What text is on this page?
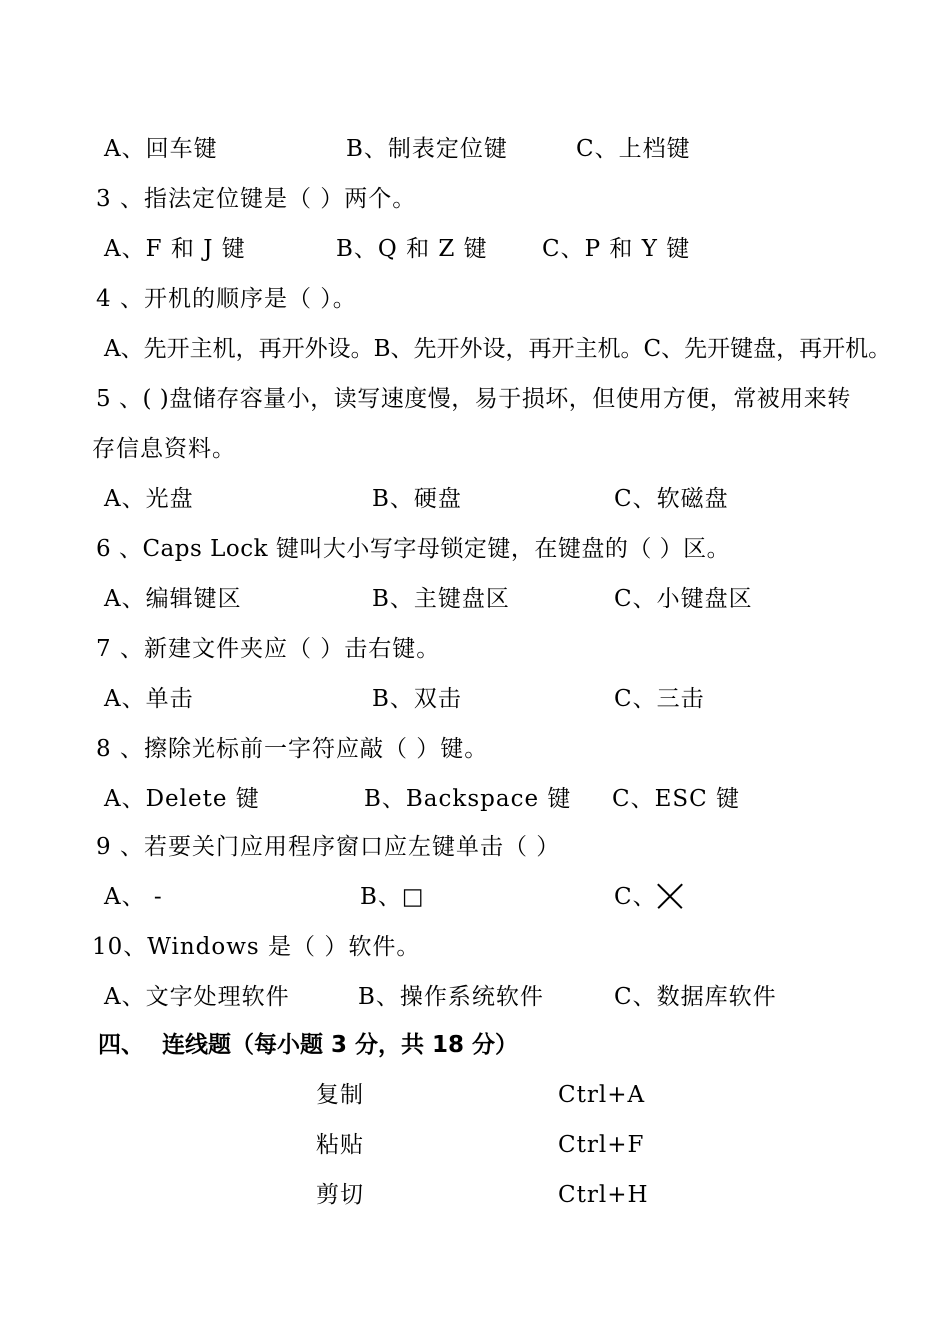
A、回车键	B、制表定位键	C、上档键
3 、指法定位键是（ ）两个。
A、F 和 J 键	B、Q 和 Z 键 C、P 和 Y 键
4 、开机的顺序是（ ）。
A、先开主机，再开外设。B、先开外设，再开主机。C、先开键盘，再开机。
5 、( )盘储存容量小，读写速度慢，易于损坏，但使用方便，常被用来转
存信息资料。
A、光盘	B、硬盘	C、软磁盘
6 、Caps Lock 键叫大小写字母锁定键，在键盘的（ ）区。
A、编辑键区	B、主键盘区	C、小键盘区
7 、新建文件夹应（ ）击右键。
A、单击	B、双击	C、三击
8 、擦除光标前一字符应敲（ ）键。
A、Delete 键	B、Backspace 键 C、ESC 键
9 、若要关门应用程序窗口应左键单击（ ）
A、 -	B、□	C、
10、Windows 是（ ）软件。
A、文字处理软件	B、操作系统软件	C、数据库软件
四、 连线题（每小题 3 分，共 18 分）
复制	Ctrl+A
粘贴	Ctrl+F
剪切	Ctrl+H
